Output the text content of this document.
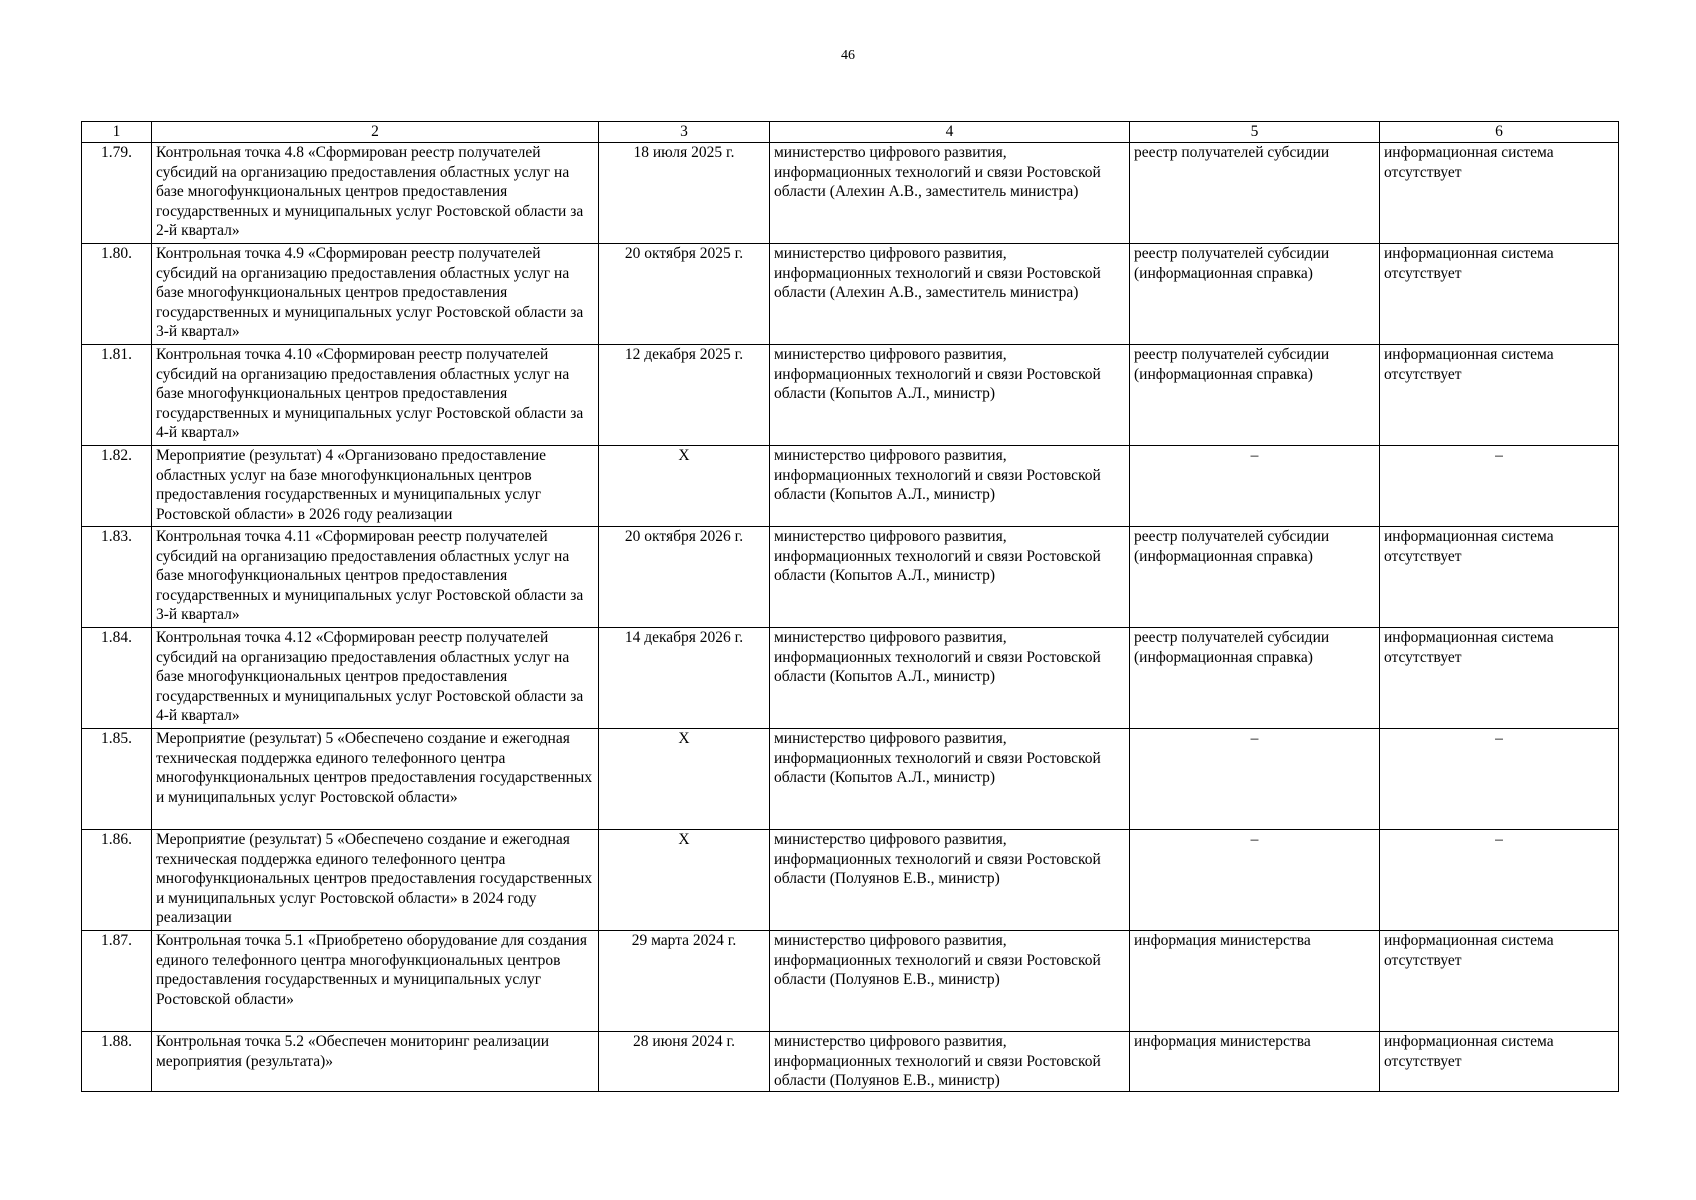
46
1	2	3	4	5	6
1.79.	Контрольная точка 4.8 «Сформирован реестр получателей субсидий на организацию предоставления областных услуг на базе многофункциональных центров предоставления государственных и муниципальных услуг Ростовской области за 2-й квартал»	18 июля 2025 г.	министерство цифрового развития, информационных технологий и связи Ростовской области (Алехин А.В., заместитель министра)	реестр получателей субсидии	информационная система отсутствует
1.80.	Контрольная точка 4.9 «Сформирован реестр получателей субсидий на организацию предоставления областных услуг на базе многофункциональных центров предоставления государственных и муниципальных услуг Ростовской области за 3-й квартал»	20 октября 2025 г.	министерство цифрового развития, информационных технологий и связи Ростовской области (Алехин А.В., заместитель министра)	реестр получателей субсидии (информационная справка)	информационная система отсутствует
1.81.	Контрольная точка 4.10 «Сформирован реестр получателей субсидий на организацию предоставления областных услуг на базе многофункциональных центров предоставления государственных и муниципальных услуг Ростовской области за 4-й квартал»	12 декабря 2025 г.	министерство цифрового развития, информационных технологий и связи Ростовской области (Копытов А.Л., министр)	реестр получателей субсидии (информационная справка)	информационная система отсутствует
1.82.	Мероприятие (результат) 4 «Организовано предоставление областных услуг на базе многофункциональных центров предоставления государственных и муниципальных услуг Ростовской области» в 2026 году реализации	Х	министерство цифрового развития, информационных технологий и связи Ростовской области (Копытов А.Л., министр)	–	–
1.83.	Контрольная точка 4.11 «Сформирован реестр получателей субсидий на организацию предоставления областных услуг на базе многофункциональных центров предоставления государственных и муниципальных услуг Ростовской области за 3-й квартал»	20 октября 2026 г.	министерство цифрового развития, информационных технологий и связи Ростовской области (Копытов А.Л., министр)	реестр получателей субсидии (информационная справка)	информационная система отсутствует
1.84.	Контрольная точка 4.12 «Сформирован реестр получателей субсидий на организацию предоставления областных услуг на базе многофункциональных центров предоставления государственных и муниципальных услуг Ростовской области за 4-й квартал»	14 декабря 2026 г.	министерство цифрового развития, информационных технологий и связи Ростовской области (Копытов А.Л., министр)	реестр получателей субсидии (информационная справка)	информационная система отсутствует
1.85.	Мероприятие (результат) 5 «Обеспечено создание и ежегодная техническая поддержка единого телефонного центра многофункциональных центров предоставления государственных и муниципальных услуг Ростовской области»	Х	министерство цифрового развития, информационных технологий и связи Ростовской области (Копытов А.Л., министр)	–	–
1.86.	Мероприятие (результат) 5 «Обеспечено создание и ежегодная техническая поддержка единого телефонного центра многофункциональных центров предоставления государственных и муниципальных услуг Ростовской области» в 2024 году реализации	Х	министерство цифрового развития, информационных технологий и связи Ростовской области (Полуянов Е.В., министр)	–	–
1.87.	Контрольная точка 5.1 «Приобретено оборудование для создания единого телефонного центра многофункциональных центров предоставления государственных и муниципальных услуг Ростовской области»	29 марта 2024 г.	министерство цифрового развития, информационных технологий и связи Ростовской области (Полуянов Е.В., министр)	информация министерства	информационная система отсутствует
1.88.	Контрольная точка 5.2 «Обеспечен мониторинг реализации мероприятия (результата)»	28 июня 2024 г.	министерство цифрового развития, информационных технологий и связи Ростовской области (Полуянов Е.В., министр)	информация министерства	информационная система отсутствует
